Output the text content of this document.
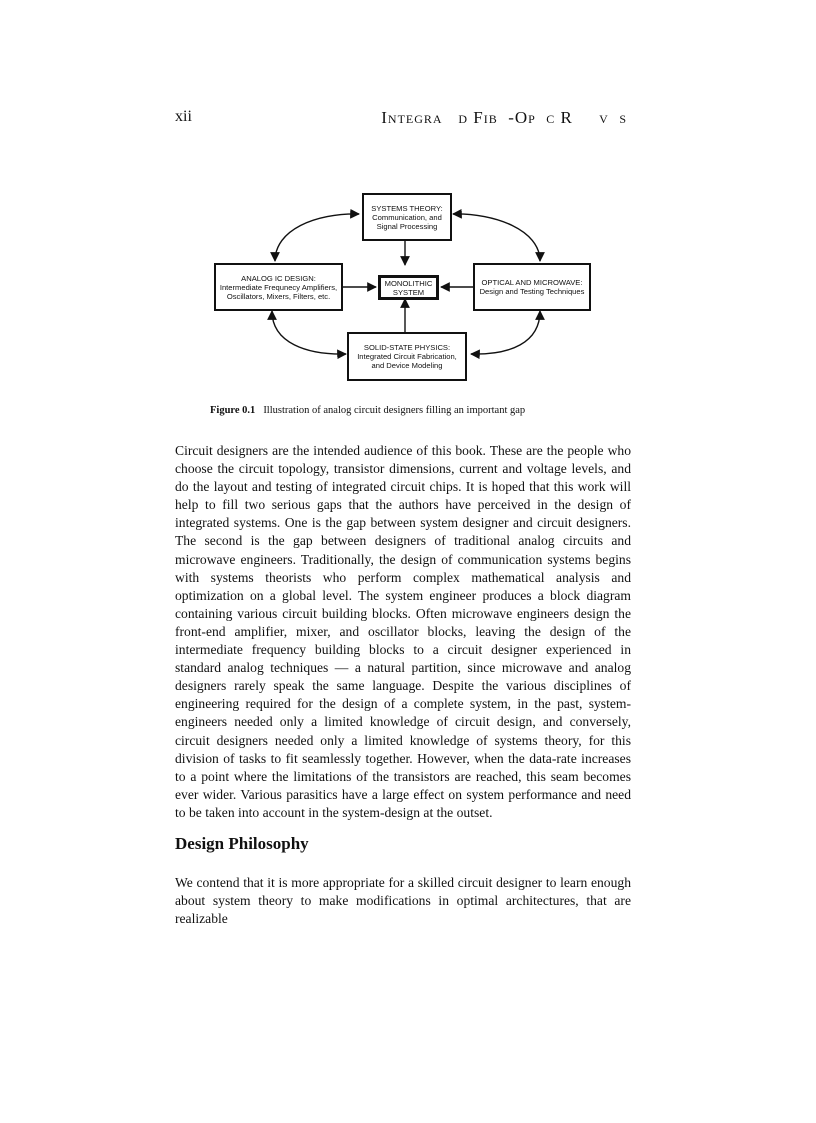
xii	Integra   d Fib  -Op  c R     v  s
SYSTEMS THEORY:
Communication, and
Signal Processing
ANALOG IC DESIGN:
Intermediate Frequnecy Amplifiers,
Oscillators, Mixers, Filters, etc.
MONOLITHIC
SYSTEM
OPTICAL AND MICROWAVE:
Design and Testing Techniques
SOLID-STATE PHYSICS:
Integrated Circuit Fabrication,
and Device Modeling
Figure 0.1 Illustration of analog circuit designers filling an important gap

Circuit designers are the intended audience of this book. These are the people who choose the circuit topology, transistor dimensions, current and voltage levels, and do the layout and testing of integrated circuit chips. It is hoped that this work will help to fill two serious gaps that the authors have perceived in the design of integrated systems. One is the gap between system designer and circuit designers. The second is the gap between designers of traditional analog circuits and microwave engineers. Traditionally, the design of communication systems begins with systems theorists who perform complex mathematical analysis and optimization on a global level. The system engineer produces a block diagram containing various circuit building blocks. Often microwave engineers design the front-end amplifier, mixer, and oscillator blocks, leaving the design of the intermediate frequency building blocks to a circuit designer experienced in standard analog techniques — a natural partition, since microwave and analog designers rarely speak the same language. Despite the various disciplines of engineering required for the design of a complete system, in the past, system-engineers needed only a limited knowledge of circuit design, and conversely, circuit designers needed only a limited knowledge of systems theory, for this division of tasks to fit seamlessly together. However, when the data-rate increases to a point where the limitations of the transistors are reached, this seam becomes ever wider. Various parasitics have a large effect on system performance and need to be taken into account in the system-design at the outset.

Design Philosophy

We contend that it is more appropriate for a skilled circuit designer to learn enough about system theory to make modifications in optimal architectures, that are realizable
